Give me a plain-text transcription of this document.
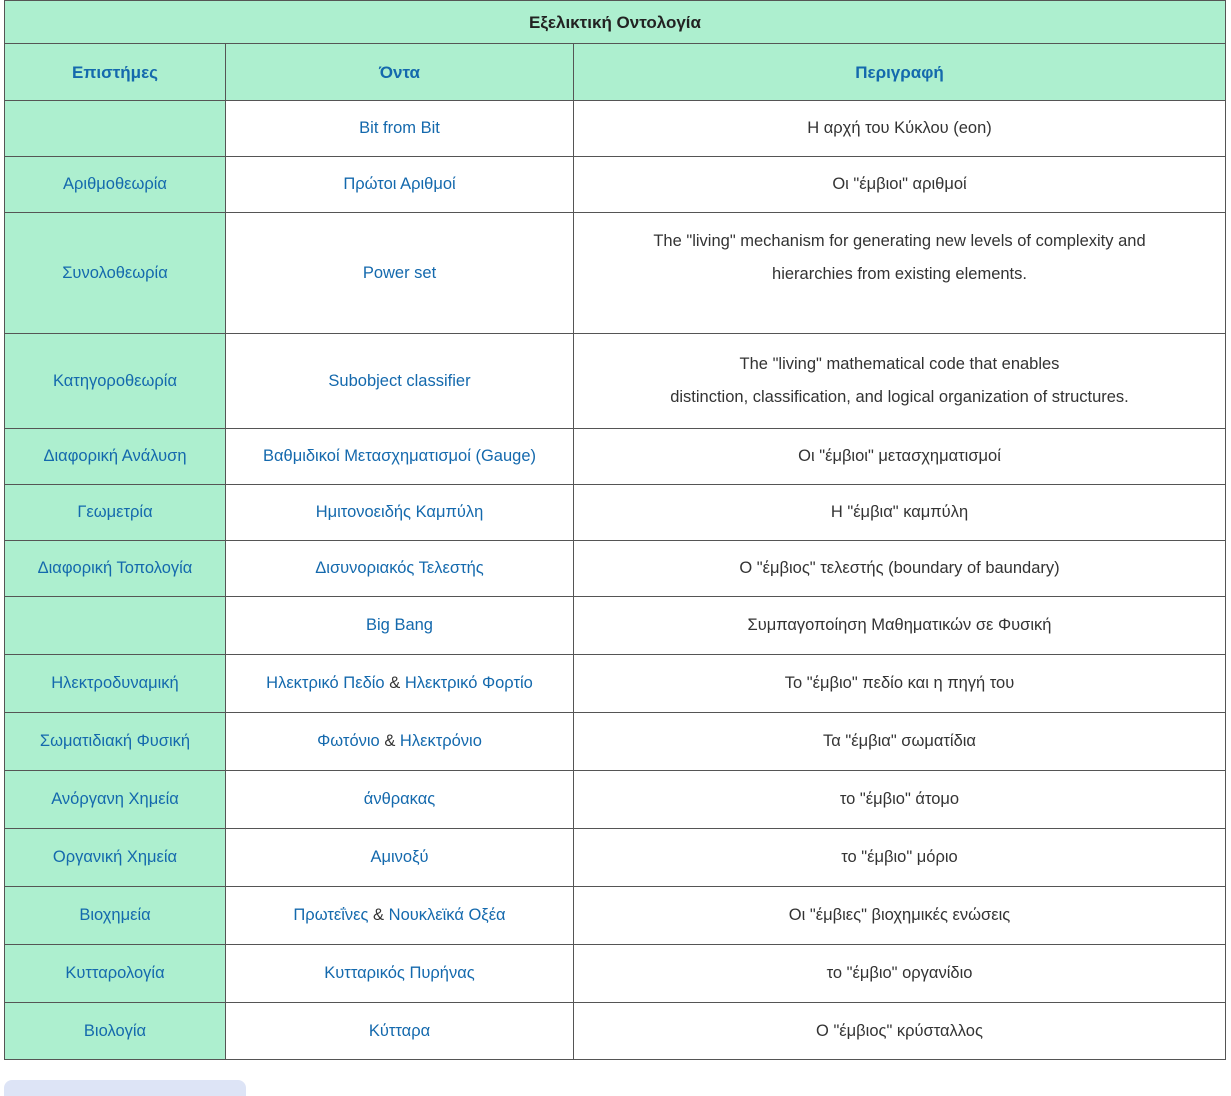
Εξελικτική Οντολογία		
Επιστήμες	Όντα	Περιγραφή
	Bit from Bit	Η αρχή του Κύκλου (eon)
Αριθμοθεωρία	Πρώτοι Αριθμοί	Οι "έμβιοι" αριθμοί
Συνολοθεωρία	Power set	The "living" mechanism for generating new levels of complexity and
hierarchies from existing elements.

Κατηγοροθεωρία	Subobject classifier	The "living" mathematical code that enables
distinction, classification, and logical organization of structures.

Διαφορική Ανάλυση	Βαθμιδικοί Μετασχηματισμοί (Gauge)	Οι "έμβιοι" μετασχηματισμοί
Γεωμετρία	Ημιτονοειδής Καμπύλη	Η "έμβια" καμπύλη
Διαφορική Τοπολογία	Δισυνοριακός Τελεστής	Ο "έμβιος" τελεστής (boundary of baundary)
	Big Bang	Συμπαγοποίηση Μαθηματικών σε Φυσική
Ηλεκτροδυναμική	Ηλεκτρικό Πεδίο & Ηλεκτρικό Φορτίο	Το "έμβιο" πεδίο και η πηγή του
Σωματιδιακή Φυσική	Φωτόνιο & Ηλεκτρόνιο	Τα "έμβια" σωματίδια
Ανόργανη Χημεία	άνθρακας	το "έμβιο" άτομο
Οργανική Χημεία	Αμινοξύ	το "έμβιο" μόριο
Βιοχημεία	Πρωτεΐνες & Νουκλεϊκά Οξέα	Οι "έμβιες" βιοχημικές ενώσεις
Κυτταρολογία	Κυτταρικός Πυρήνας	το "έμβιο" οργανίδιο
Βιολογία	Κύτταρα	Ο "έμβιος" κρύσταλλος
